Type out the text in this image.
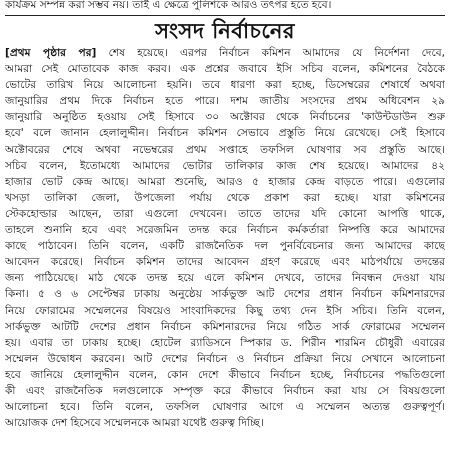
কার্যক্রম সম্পন্ন করা সম্ভব নয়। তাই এ ক্ষেত্রে পুলিশকে আরও তৎপর হতে হবে।
সংসদ নির্বাচনের
[প্রথম পৃষ্ঠার পর] শেষ হয়েছে। এরপর নির্বাচন কমিশন আমাদের যে নির্দেশনা দেবে,
আমরা সেই মোতাবেক কাজ করব। এক প্রশ্নের জবাবে ইসি সচিব বলেন, কমিশনের বৈঠকে
ভোটের তারিখ নিয়ে আলোচনা হয়নি। তবে ধারণা করা হচ্ছে, ডিসেম্বরের শেষার্ধে অথবা
জানুয়ারির প্রথম দিকে নির্বাচন হতে পারে। দশম জাতীয় সংসদের প্রথম অধিবেশন ২৯
জানুয়ারি অনুষ্ঠিত হওয়ায় সেই হিসাবে ৩০ অক্টোবর থেকে নির্বাচনের 'কাউন্টডাউন শুরু
হবে' বলে জানান হেলালুদ্দীন। নির্বাচন কমিশন সেভাবে প্রস্তুতি নিয়ে রেখেছে। সেই হিসাবে
অক্টোবরের শেষে অথবা নভেম্বরের প্রথম সপ্তাহে তফসিল ঘোষণার সব প্রস্তুতি আছে।
সচিব বলেন, ইতোমধ্যে আমাদের ভোটার তালিকার কাজ শেষ হয়েছে। আমাদের ৪২
হাজার ভোট কেন্দ্র আছে। আমরা শুনেছি, আরও ৫ হাজার কেন্দ্র বাড়তে পারে। এগুলোর
খসড়া তালিকা জেলা, উপজেলা পর্যায় থেকে প্রকাশ করা হচ্ছে। যারা কমিশনের
স্টেকহোল্ডার আছেন, তারা এগুলো দেখবেন। তাতে তাদের যদি কোনো আপত্তি থাকে,
তাহলে শুনানি হবে এবং সরেজমিন তদন্ত করে নির্বাচন কর্মকর্তারা নিষ্পত্তি করে আমাদের
কাছে পাঠাবেন। তিনি বলেন, একটি রাজনৈতিক দল পুনর্বিবেচনার জন্য আমাদের কাছে
আবেদন করেছে। নির্বাচন কমিশন তাদের আবেদন গ্রহণ করেছে এবং মাঠপর্যায়ে তদন্তের
জন্য পাঠিয়েছে। মাঠ থেকে তদন্ত হয়ে এলে কমিশন দেখবে, তাদের নিবন্ধন দেওয়া যায়
কিনা। ৫ ও ৬ সেপ্টেম্বর ঢাকায় অনুষ্ঠেয় সার্কভুক্ত আট দেশের প্রধান নির্বাচন কমিশনারদের
নিয়ে ফোরামের সম্মেলনের বিষয়েও সাংবাদিকদের কিছু তথ্য দেন ইসি সচিব। তিনি বলেন,
সার্কভুক্ত আটটি দেশের প্রধান নির্বাচন কমিশনারদের নিয়ে গঠিত সার্ক ফোরামের সম্মেলন
হয়। এবার তা ঢাকায় হচ্ছে। হোটেল র‌্যাডিসনে স্পিকার ড. শিরীন শারমিন চৌধুরী এবারের
সম্মেলন উদ্বোধন করবেন। আট দেশের নির্বাচন ও নির্বাচন প্রক্রিয়া নিয়ে সেখানে আলোচনা
হবে জানিয়ে হেলালুদ্দীন বলেন, কোন দেশে কীভাবে নির্বাচন হচ্ছে, নির্বাচনের পদ্ধতিগুলো
কী এবং রাজনৈতিক দলগুলোকে সম্পৃক্ত করে কীভাবে নির্বাচন করা যায় সে বিষয়গুলো
আলোচনা হবে। তিনি বলেন, তফসিল ঘোষণার আগে এ সম্মেলন অত্যন্ত গুরুত্বপূর্ণ।
আয়োজক দেশ হিসেবে সম্মেলনকে আমরা যথেষ্ট গুরুত্ব দিচ্ছি।
